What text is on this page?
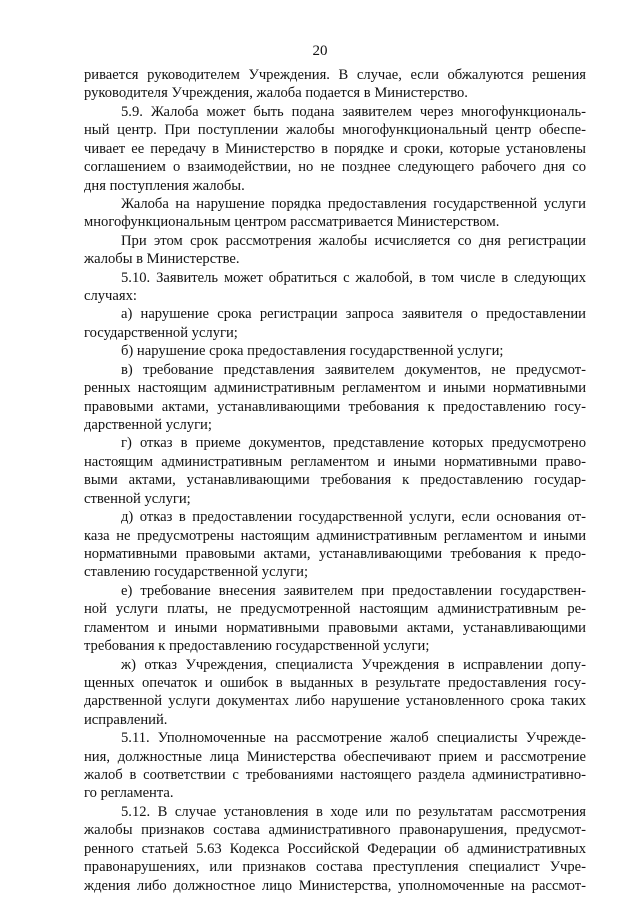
20
ривается руководителем Учреждения. В случае, если обжалуются решения
руководителя Учреждения, жалоба подается в Министерство.
5.9. Жалоба может быть подана заявителем через многофункциональ-
ный центр. При поступлении жалобы многофункциональный центр обеспе-
чивает ее передачу в Министерство в порядке и сроки, которые установлены
соглашением о взаимодействии, но не позднее следующего рабочего дня со
дня поступления жалобы.
Жалоба на нарушение порядка предоставления государственной услуги
многофункциональным центром рассматривается Министерством.
При этом срок рассмотрения жалобы исчисляется со дня регистрации
жалобы в Министерстве.
5.10. Заявитель может обратиться с жалобой, в том числе в следующих
случаях:
а) нарушение срока регистрации запроса заявителя о предоставлении
государственной услуги;
б) нарушение срока предоставления государственной услуги;
в) требование представления заявителем документов, не предусмот-
ренных настоящим административным регламентом и иными нормативными
правовыми актами, устанавливающими требования к предоставлению госу-
дарственной услуги;
г) отказ в приеме документов, представление которых предусмотрено
настоящим административным регламентом и иными нормативными право-
выми актами, устанавливающими требования к предоставлению государ-
ственной услуги;
д) отказ в предоставлении государственной услуги, если основания от-
каза не предусмотрены настоящим административным регламентом и иными
нормативными правовыми актами, устанавливающими требования к предо-
ставлению государственной услуги;
е) требование внесения заявителем при предоставлении государствен-
ной услуги платы, не предусмотренной настоящим административным ре-
гламентом и иными нормативными правовыми актами, устанавливающими
требования к предоставлению государственной услуги;
ж) отказ Учреждения, специалиста Учреждения в исправлении допу-
щенных опечаток и ошибок в выданных в результате предоставления госу-
дарственной услуги документах либо нарушение установленного срока таких
исправлений.
5.11. Уполномоченные на рассмотрение жалоб специалисты Учрежде-
ния, должностные лица Министерства обеспечивают прием и рассмотрение
жалоб в соответствии с требованиями настоящего раздела административно-
го регламента.
5.12. В случае установления в ходе или по результатам рассмотрения
жалобы признаков состава административного правонарушения, предусмот-
ренного статьей 5.63 Кодекса Российской Федерации об административных
правонарушениях, или признаков состава преступления специалист Учре-
ждения либо должностное лицо Министерства, уполномоченные на рассмот-
